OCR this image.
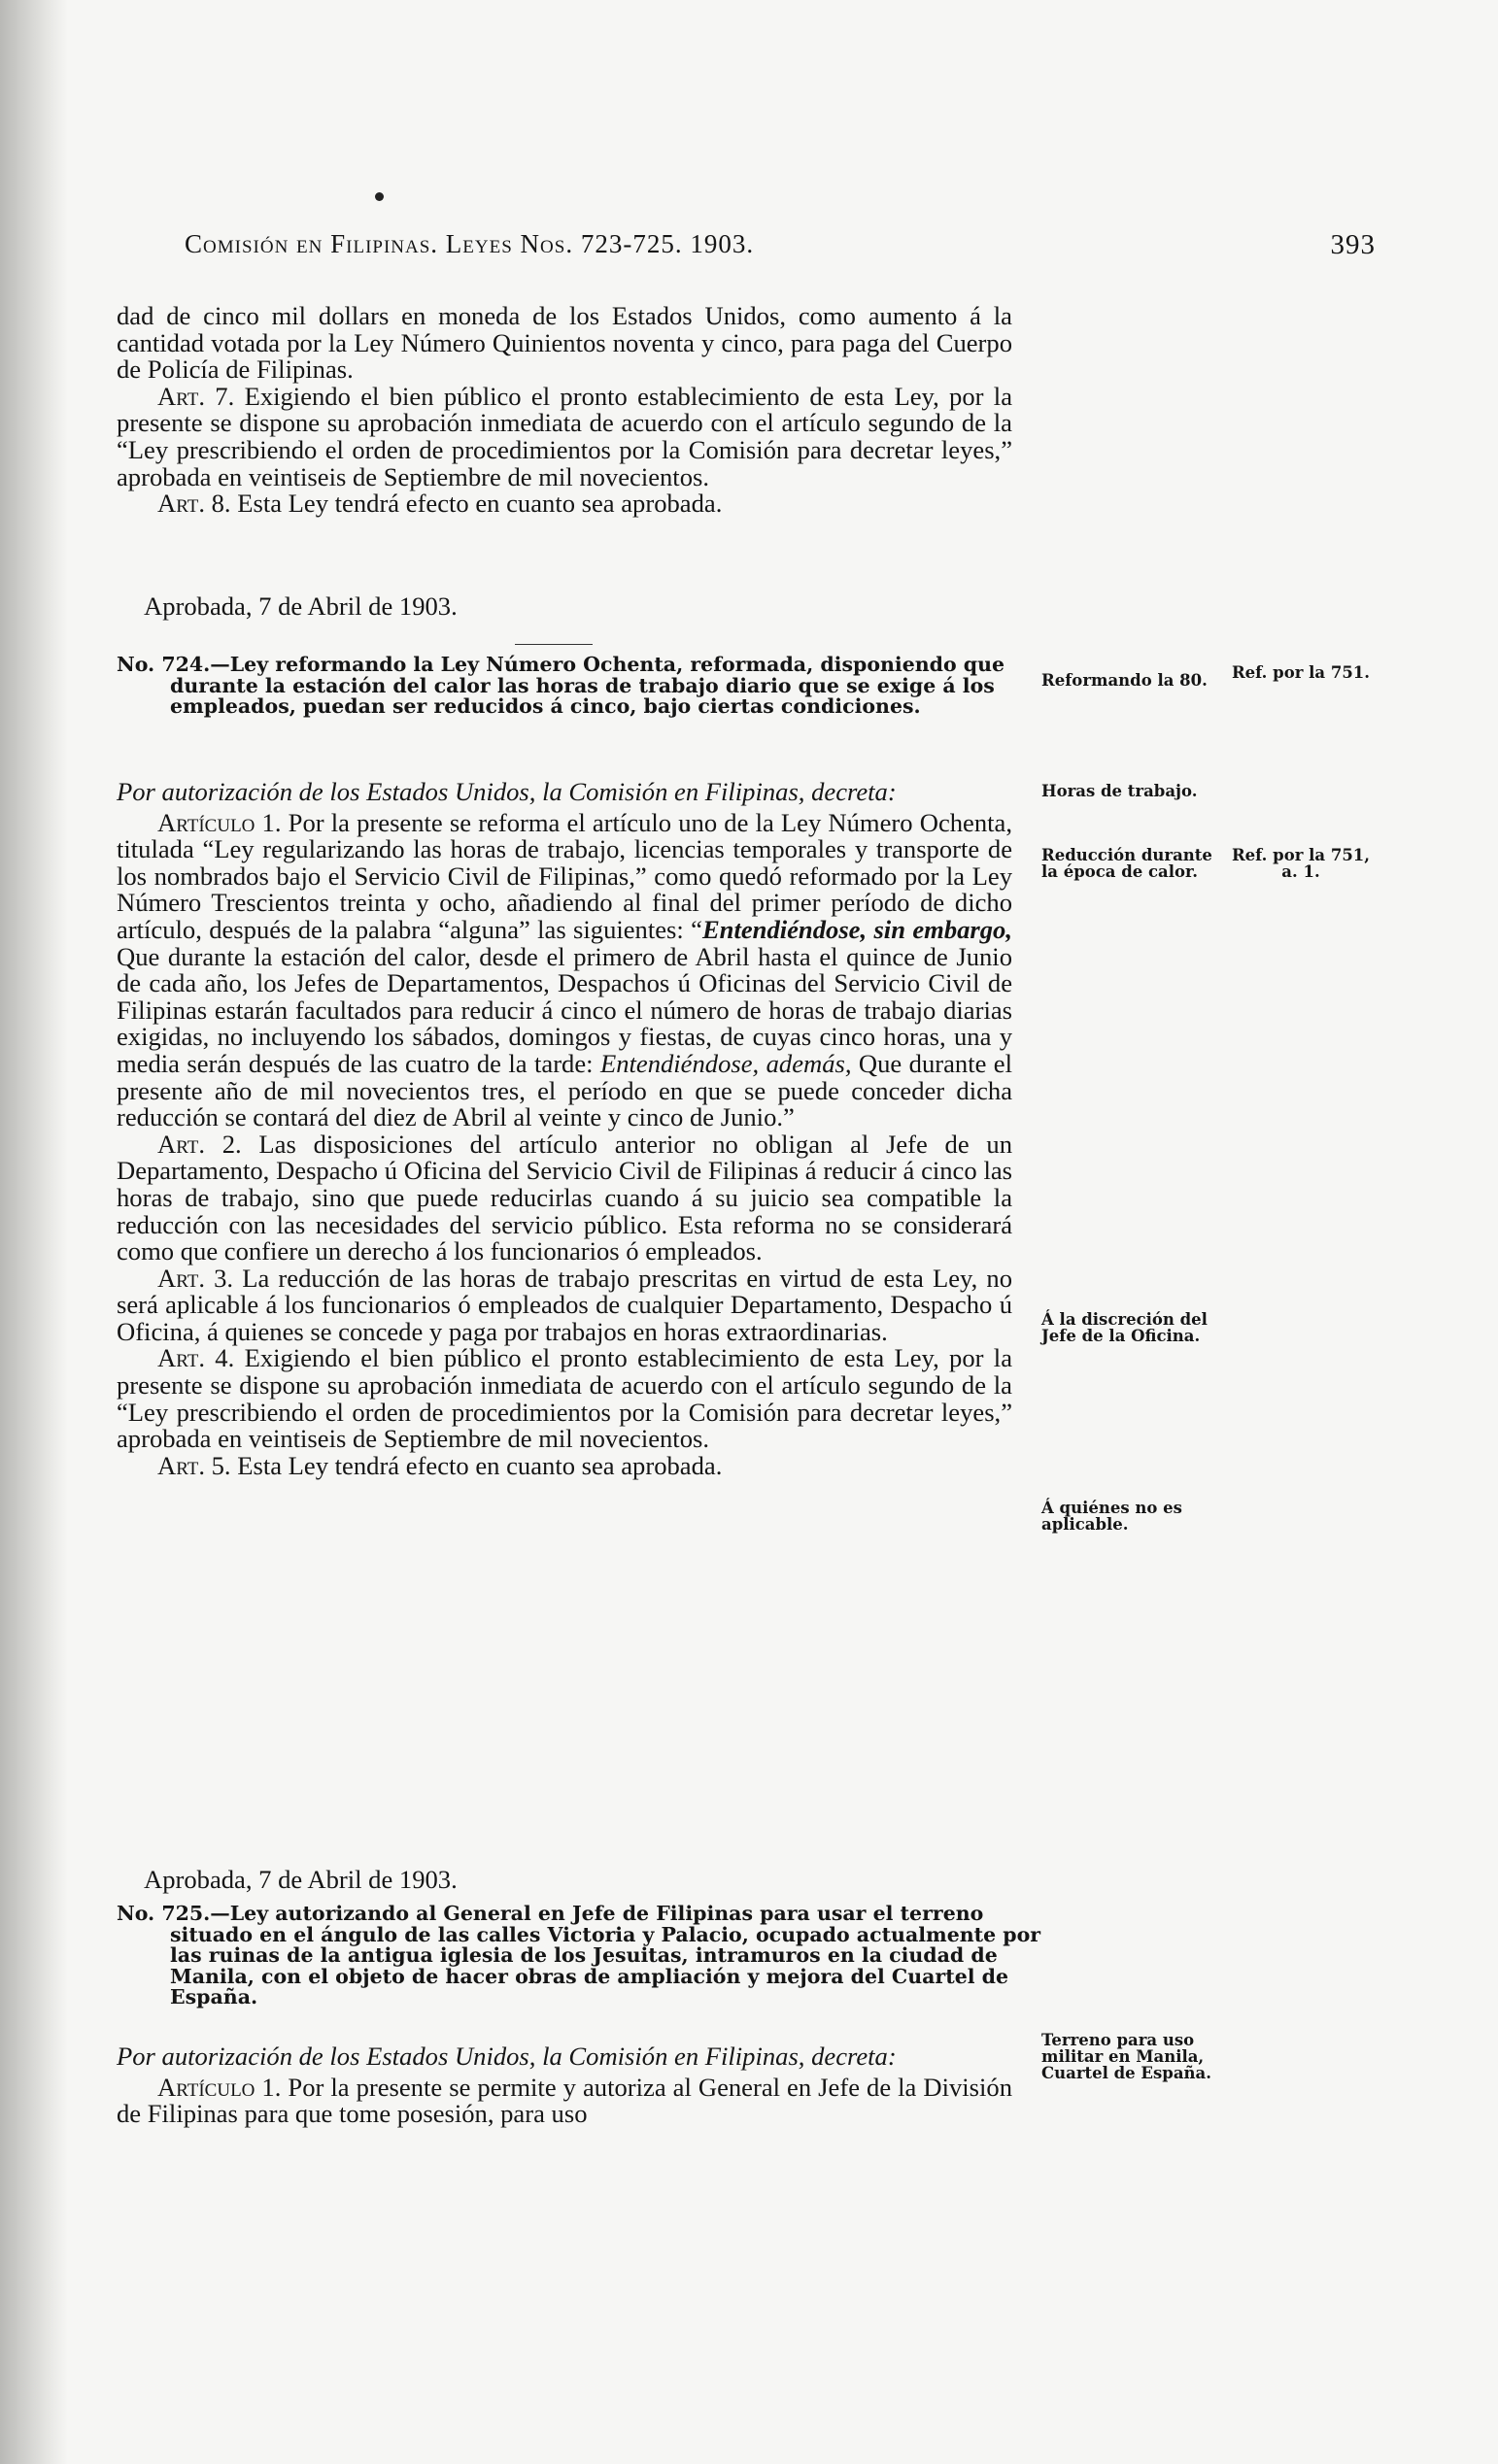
Comisión en Filipinas. Leyes Nos. 723-725. 1903.	393

dad de cinco mil dollars en moneda de los Estados Unidos, como aumento á la cantidad votada por la Ley Número Quinientos noventa y cinco, para paga del Cuerpo de Policía de Filipinas.

Art. 7. Exigiendo el bien público el pronto establecimiento de esta Ley, por la presente se dispone su aprobación inmediata de acuerdo con el artículo segundo de la “Ley prescribiendo el orden de procedimientos por la Comisión para decretar leyes,” aprobada en veintiseis de Septiembre de mil novecientos.

Art. 8. Esta Ley tendrá efecto en cuanto sea aprobada.

Aprobada, 7 de Abril de 1903.

No. 724.—Ley reformando la Ley Número Ochenta, reformada, disponiendo que durante la estación del calor las horas de trabajo diario que se exige á los empleados, puedan ser reducidos á cinco, bajo ciertas condiciones.

Por autorización de los Estados Unidos, la Comisión en Filipinas, decreta:

Artículo 1. Por la presente se reforma el artículo uno de la Ley Número Ochenta, titulada “Ley regularizando las horas de trabajo, licencias temporales y transporte de los nombrados bajo el Servicio Civil de Filipinas,” como quedó reformado por la Ley Número Trescientos treinta y ocho, añadiendo al final del primer período de dicho artículo, después de la palabra “alguna” las siguientes: “Entendiéndose, sin embargo, Que durante la estación del calor, desde el primero de Abril hasta el quince de Junio de cada año, los Jefes de Departamentos, Despachos ú Oficinas del Servicio Civil de Filipinas estarán facultados para reducir á cinco el número de horas de trabajo diarias exigidas, no incluyendo los sábados, domingos y fiestas, de cuyas cinco horas, una y media serán después de las cuatro de la tarde: Entendiéndose, además, Que durante el presente año de mil novecientos tres, el período en que se puede conceder dicha reducción se contará del diez de Abril al veinte y cinco de Junio.”

Art. 2. Las disposiciones del artículo anterior no obligan al Jefe de un Departamento, Despacho ú Oficina del Servicio Civil de Filipinas á reducir á cinco las horas de trabajo, sino que puede reducirlas cuando á su juicio sea compatible la reducción con las necesidades del servicio público. Esta reforma no se considerará como que confiere un derecho á los funcionarios ó empleados.

Art. 3. La reducción de las horas de trabajo prescritas en virtud de esta Ley, no será aplicable á los funcionarios ó empleados de cualquier Departamento, Despacho ú Oficina, á quienes se concede y paga por trabajos en horas extraordinarias.

Art. 4. Exigiendo el bien público el pronto establecimiento de esta Ley, por la presente se dispone su aprobación inmediata de acuerdo con el artículo segundo de la “Ley prescribiendo el orden de procedimientos por la Comisión para decretar leyes,” aprobada en veintiseis de Septiembre de mil novecientos.

Art. 5. Esta Ley tendrá efecto en cuanto sea aprobada.

Aprobada, 7 de Abril de 1903.

No. 725.—Ley autorizando al General en Jefe de Filipinas para usar el terreno situado en el ángulo de las calles Victoria y Palacio, ocupado actualmente por las ruinas de la antigua iglesia de los Jesuitas, intramuros en la ciudad de Manila, con el objeto de hacer obras de ampliación y mejora del Cuartel de España.

Por autorización de los Estados Unidos, la Comisión en Filipinas, decreta:

Artículo 1. Por la presente se permite y autoriza al General en Jefe de la División de Filipinas para que tome posesión, para uso

Reformando la 80.	Ref. por la 751.
Horas de trabajo.
Reducción durante la época de calor.
Ref. por la 751, a. 1.
Á la discreción del Jefe de la Oficina.
Á quiénes no es aplicable.
Terreno para uso militar en Manila, Cuartel de España.
